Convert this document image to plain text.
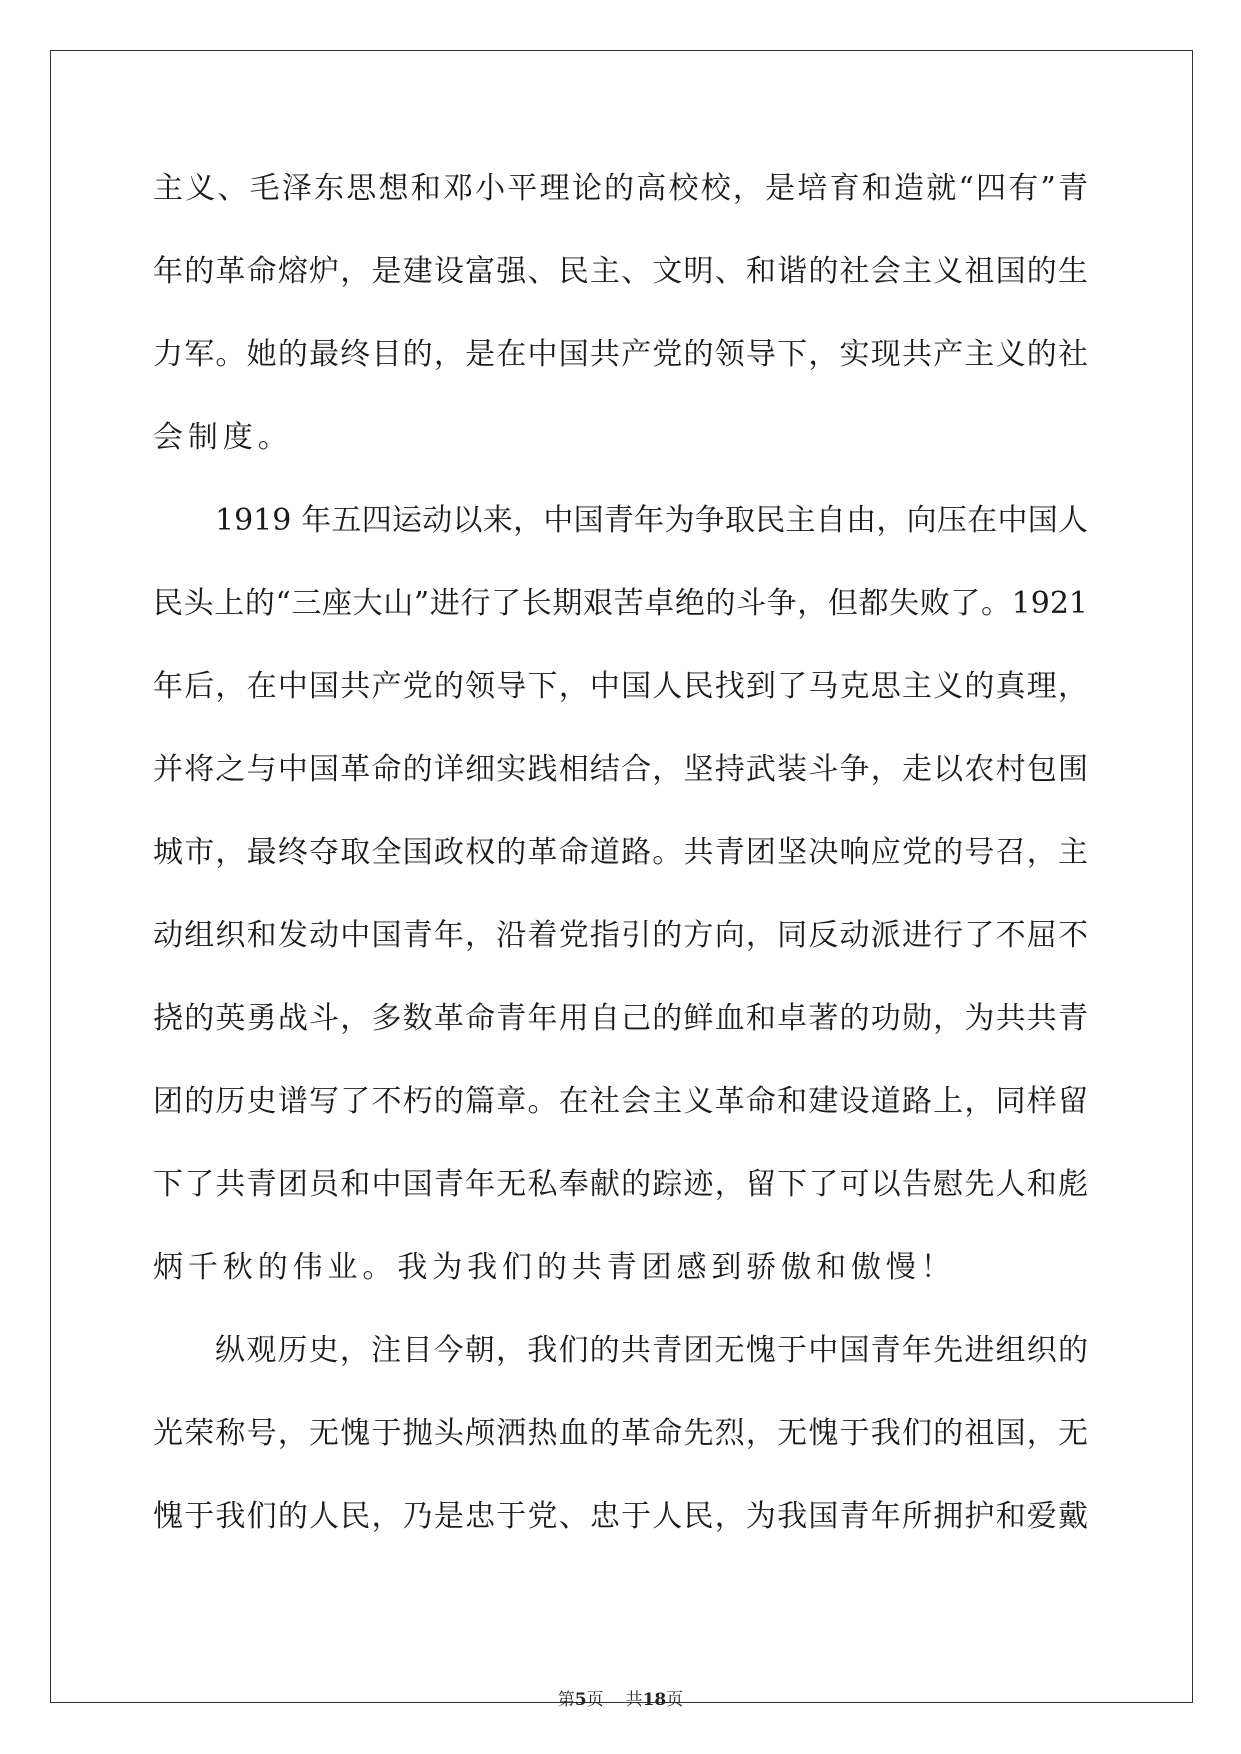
主义、毛泽东思想和邓小平理论的高校校，是培育和造就“四有”青
年的革命熔炉，是建设富强、民主、文明、和谐的社会主义祖国的生
力军。她的最终目的，是在中国共产党的领导下，实现共产主义的社
会制度。
1919 年五四运动以来，中国青年为争取民主自由，向压在中国人
民头上的“三座大山”进行了长期艰苦卓绝的斗争，但都失败了。1921
年后，在中国共产党的领导下，中国人民找到了马克思主义的真理，
并将之与中国革命的详细实践相结合，坚持武装斗争，走以农村包围
城市，最终夺取全国政权的革命道路。共青团坚决响应党的号召，主
动组织和发动中国青年，沿着党指引的方向，同反动派进行了不屈不
挠的英勇战斗，多数革命青年用自己的鲜血和卓著的功勋，为共共青
团的历史谱写了不朽的篇章。在社会主义革命和建设道路上，同样留
下了共青团员和中国青年无私奉献的踪迹，留下了可以告慰先人和彪
炳千秋的伟业。我为我们的共青团感到骄傲和傲慢！
纵观历史，注目今朝，我们的共青团无愧于中国青年先进组织的
光荣称号，无愧于抛头颅洒热血的革命先烈，无愧于我们的祖国，无
愧于我们的人民，乃是忠于党、忠于人民，为我国青年所拥护和爱戴
第5页 共18页
